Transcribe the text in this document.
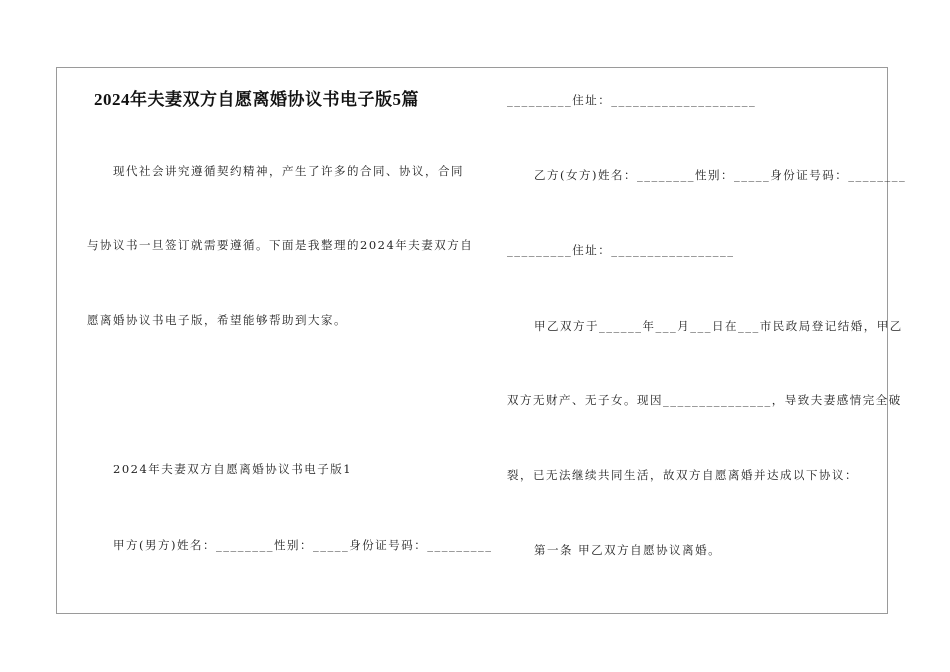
2024年夫妻双方自愿离婚协议书电子版5篇
现代社会讲究遵循契约精神，产生了许多的合同、协议，合同
与协议书一旦签订就需要遵循。下面是我整理的2024年夫妻双方自
愿离婚协议书电子版，希望能够帮助到大家。
2024年夫妻双方自愿离婚协议书电子版1
甲方(男方)姓名：________性别：_____身份证号码：_________
_________住址：____________________
乙方(女方)姓名：________性别：_____身份证号码：________
_________住址：_________________
甲乙双方于______年___月___日在___市民政局登记结婚，甲乙
双方无财产、无子女。现因_______________，导致夫妻感情完全破
裂，已无法继续共同生活，故双方自愿离婚并达成以下协议：
第一条 甲乙双方自愿协议离婚。
